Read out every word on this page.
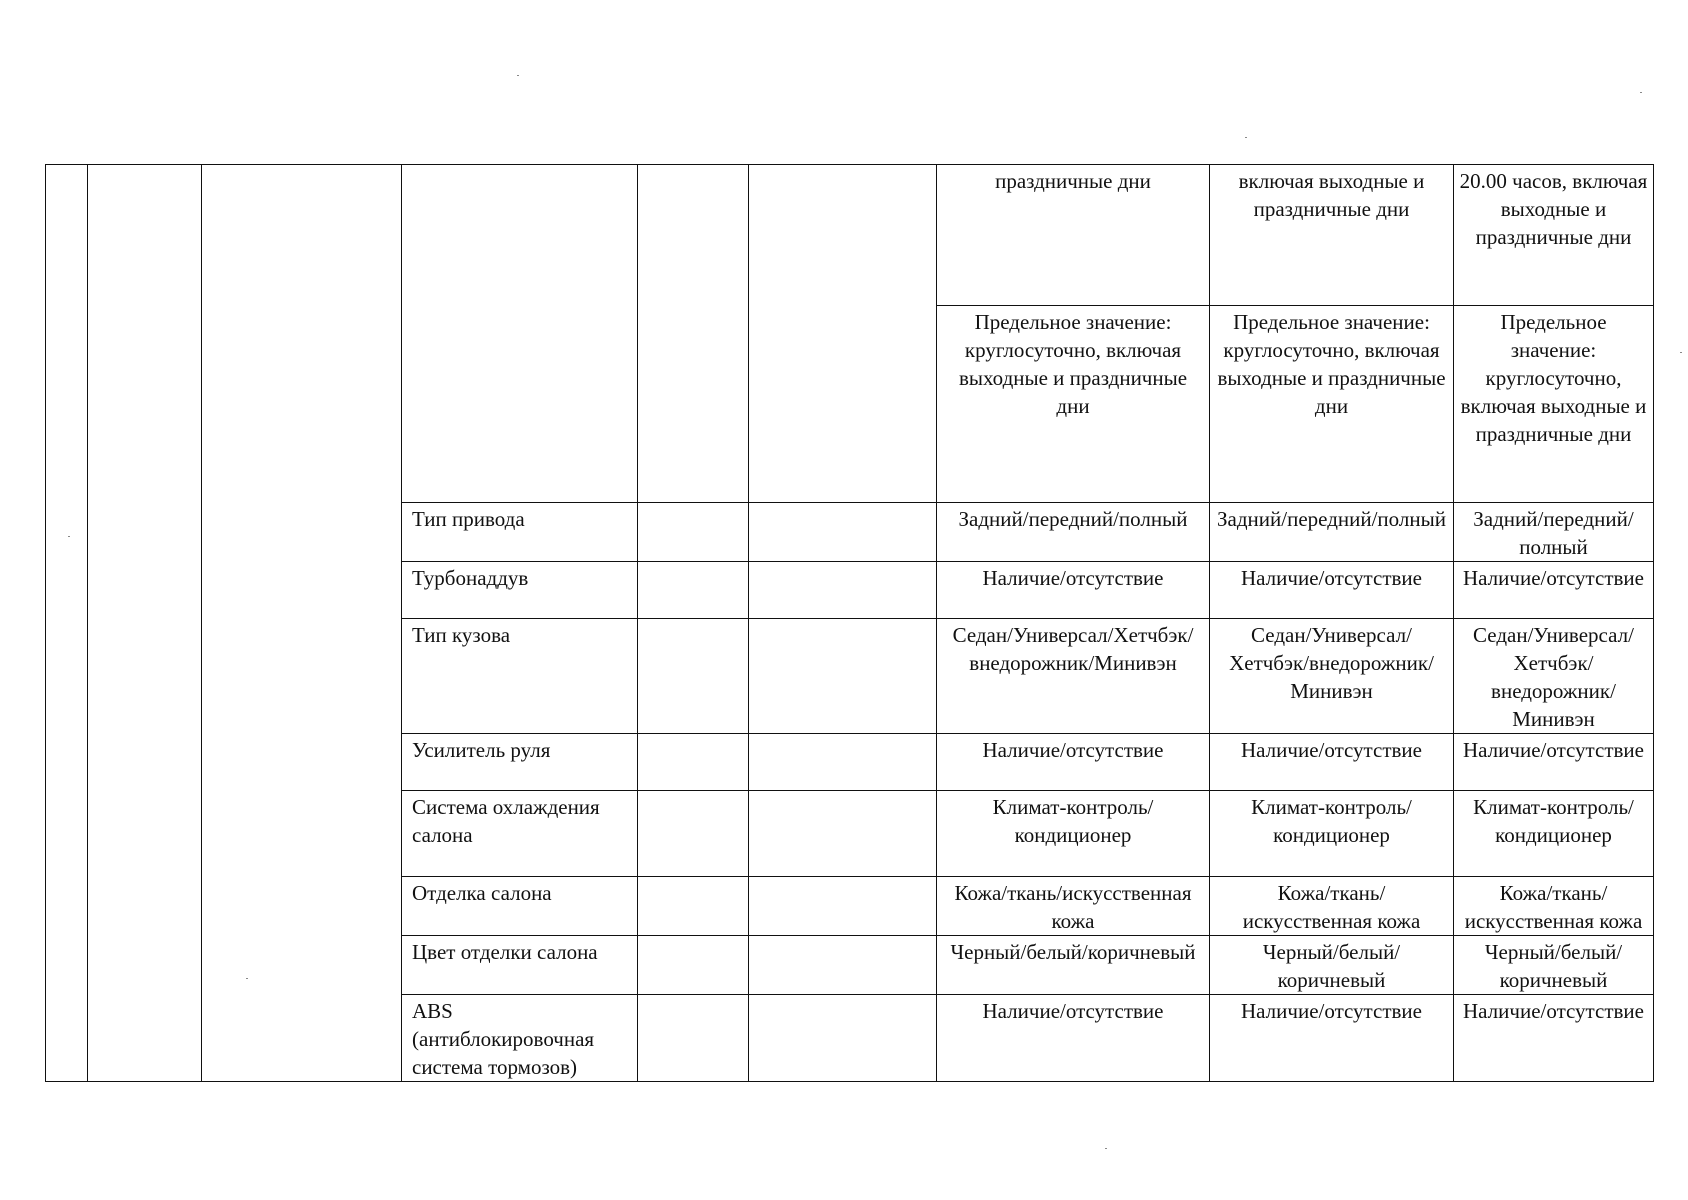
						праздничные дни	включая выходные и праздничные дни	20.00 часов, включая выходные и праздничные дни
						Предельное значение: круглосуточно, включая выходные и праздничные дни	Предельное значение: круглосуточно, включая выходные и праздничные дни	Предельное значение: круглосуточно, включая выходные и праздничные дни
			Тип привода			Задний/передний/полный	Задний/передний/полный	Задний/передний/полный
			Турбонаддув			Наличие/отсутствие	Наличие/отсутствие	Наличие/отсутствие
			Тип кузова			Седан/Универсал/Хетчбэк/внедорожник/Минивэн	Седан/Универсал/Хетчбэк/внедорожник/Минивэн	Седан/Универсал/Хетчбэк/внедорожник/Минивэн
			Усилитель руля			Наличие/отсутствие	Наличие/отсутствие	Наличие/отсутствие
			Система охлаждения салона			Климат-контроль/кондиционер	Климат-контроль/кондиционер	Климат-контроль/кондиционер
			Отделка салона			Кожа/ткань/искусственная кожа	Кожа/ткань/искусственная кожа	Кожа/ткань/искусственная кожа
			Цвет отделки салона			Черный/белый/коричневый	Черный/белый/коричневый	Черный/белый/коричневый
			ABS (антиблокировочная система тормозов)			Наличие/отсутствие	Наличие/отсутствие	Наличие/отсутствие
